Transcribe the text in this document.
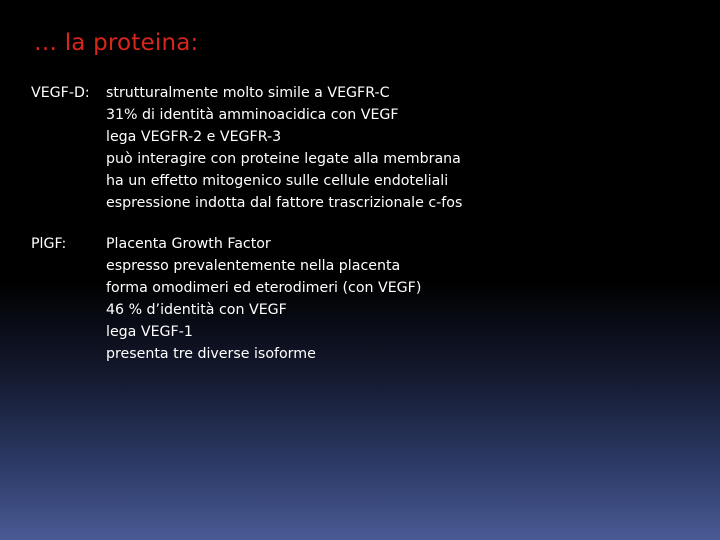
… la proteina:
VEGF-D: strutturalmente molto simile a VEGFR-C
31% di identità amminoacidica con VEGF
lega VEGFR-2 e VEGFR-3
può interagire con proteine legate alla membrana
ha un effetto mitogenico sulle cellule endoteliali
espressione indotta dal fattore trascrizionale c-fos
PlGF:	Placenta Growth Factor
espresso prevalentemente nella placenta
forma omodimeri ed eterodimeri (con VEGF)
46 % d’identità con VEGF
lega VEGF-1
presenta tre diverse isoforme
